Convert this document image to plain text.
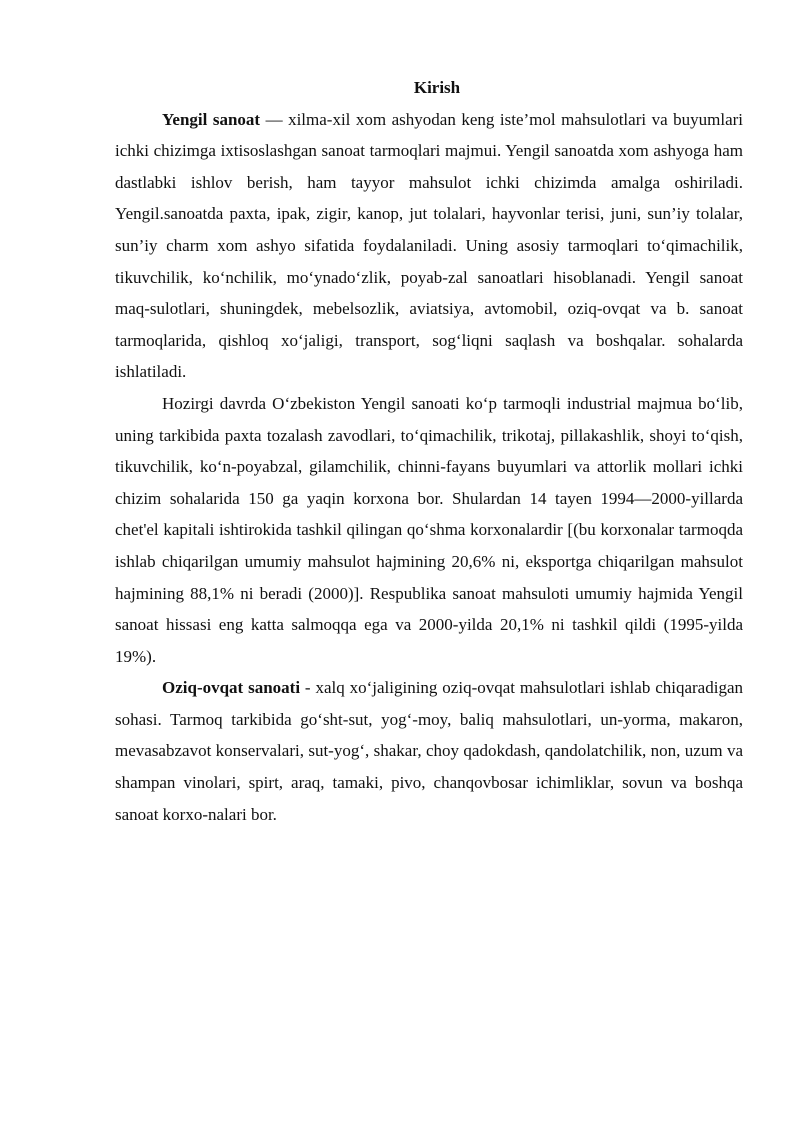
Kirish

Yengil sanoat — xilma-xil xom ashyodan keng iste’mol mahsulotlari va buyumlari ichki chizimga ixtisoslashgan sanoat tarmoqlari majmui. Yengil sanoatda xom ashyoga ham dastlabki ishlov berish, ham tayyor mahsulot ichki chizimda amalga oshiriladi. Yengil.sanoatda paxta, ipak, zigir, kanop, jut tolalari, hayvonlar terisi, juni, sun’iy tolalar, sun’iy charm xom ashyo sifatida foydalaniladi. Uning asosiy tarmoqlari to‘qimachilik, tikuvchilik, ko‘nchilik, mo‘ynado‘zlik, poyab-zal sanoatlari hisoblanadi. Yengil sanoat maq-sulotlari, shuningdek, mebelsozlik, aviatsiya, avtomobil, oziq-ovqat va b. sanoat tarmoqlarida, qishloq xo‘jaligi, transport, sog‘liqni saqlash va boshqalar. sohalarda ishlatiladi.

Hozirgi davrda O‘zbekiston Yengil sanoati ko‘p tarmoqli industrial majmua bo‘lib, uning tarkibida paxta tozalash zavodlari, to‘qimachilik, trikotaj, pillakashlik, shoyi to‘qish, tikuvchilik, ko‘n-poyabzal, gilamchilik, chinni-fayans buyumlari va attorlik mollari ichki chizim sohalarida 150 ga yaqin korxona bor. Shulardan 14 tayen 1994—2000-yillarda chet'el kapitali ishtirokida tashkil qilingan qo‘shma korxonalardir [(bu korxonalar tarmoqda ishlab chiqarilgan umumiy mahsulot hajmining 20,6% ni, eksportga chiqarilgan mahsulot hajmining 88,1% ni beradi (2000)]. Respublika sanoat mahsuloti umumiy hajmida Yengil sanoat hissasi eng katta salmoqqa ega va 2000-yilda 20,1% ni tashkil qildi (1995-yilda 19%).

Oziq-ovqat sanoati - xalq xo‘jaligining oziq-ovqat mahsulotlari ishlab chiqaradigan sohasi. Tarmoq tarkibida go‘sht-sut, yog‘-moy, baliq mahsulotlari, un-yorma, makaron, mevasabzavot konservalari, sut-yog‘, shakar, choy qadokdash, qandolatchilik, non, uzum va shampan vinolari, spirt, araq, tamaki, pivo, chanqovbosar ichimliklar, sovun va boshqa sanoat korxo-nalari bor.
